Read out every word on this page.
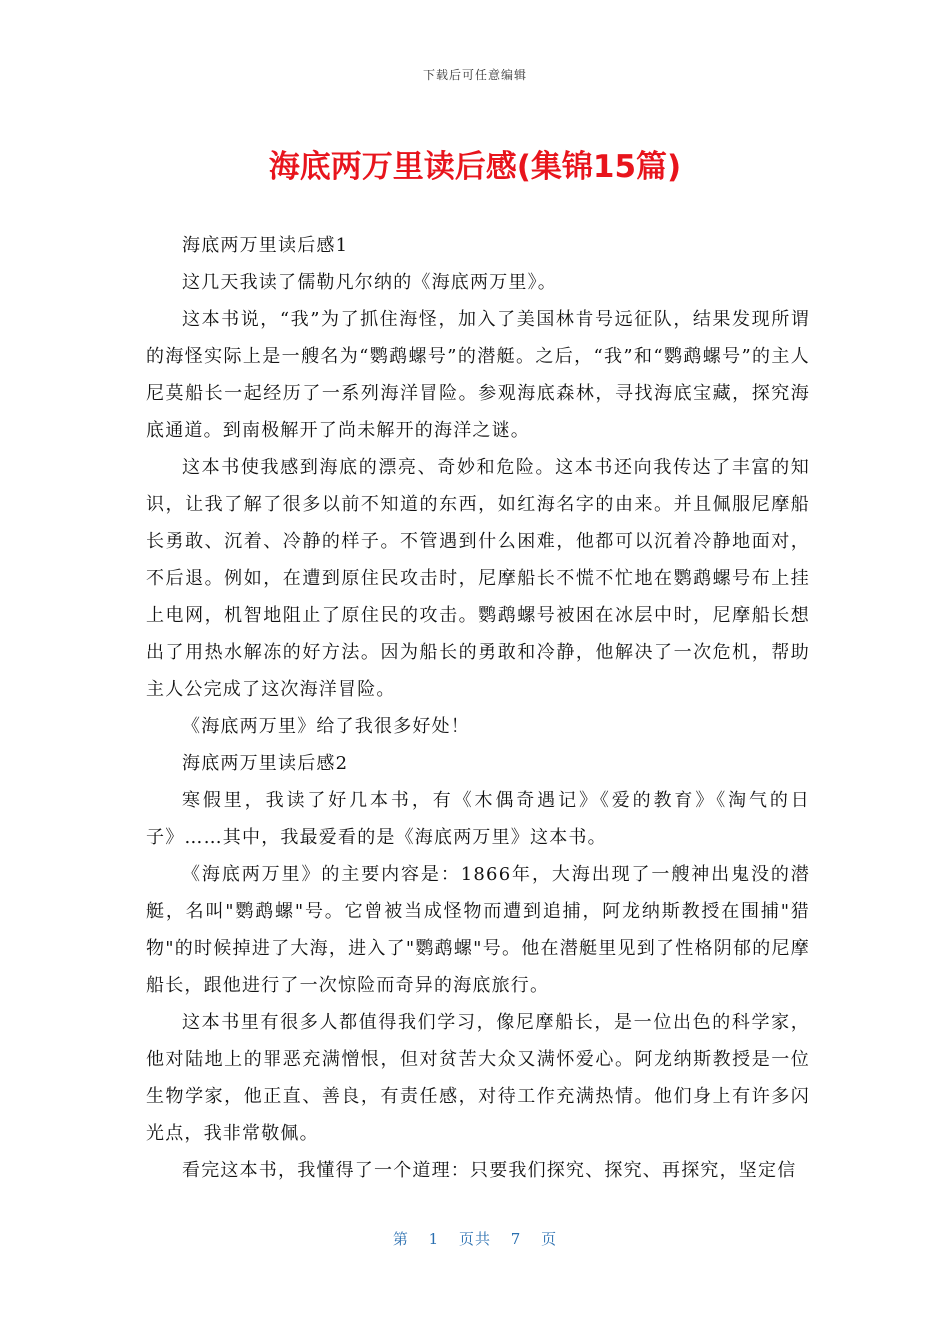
下载后可任意编辑
海底两万里读后感(集锦15篇)

海底两万里读后感1

这几天我读了儒勒凡尔纳的《海底两万里》。

这本书说，“我”为了抓住海怪，加入了美国林肯号远征队，结果发现所谓的海怪实际上是一艘名为“鹦鹉螺号”的潜艇。之后，“我”和“鹦鹉螺号”的主人尼莫船长一起经历了一系列海洋冒险。参观海底森林，寻找海底宝藏，探究海底通道。到南极解开了尚未解开的海洋之谜。

这本书使我感到海底的漂亮、奇妙和危险。这本书还向我传达了丰富的知识，让我了解了很多以前不知道的东西，如红海名字的由来。并且佩服尼摩船长勇敢、沉着、冷静的样子。不管遇到什么困难，他都可以沉着冷静地面对，不后退。例如，在遭到原住民攻击时，尼摩船长不慌不忙地在鹦鹉螺号布上挂上电网，机智地阻止了原住民的攻击。鹦鹉螺号被困在冰层中时，尼摩船长想出了用热水解冻的好方法。因为船长的勇敢和冷静，他解决了一次危机，帮助主人公完成了这次海洋冒险。

《海底两万里》给了我很多好处！

海底两万里读后感2

寒假里，我读了好几本书，有《木偶奇遇记》《爱的教育》《淘气的日子》……其中，我最爱看的是《海底两万里》这本书。

《海底两万里》的主要内容是：1866年，大海出现了一艘神出鬼没的潜艇，名叫"鹦鹉螺"号。它曾被当成怪物而遭到追捕，阿龙纳斯教授在围捕"猎物"的时候掉进了大海，进入了"鹦鹉螺"号。他在潜艇里见到了性格阴郁的尼摩船长，跟他进行了一次惊险而奇异的海底旅行。

这本书里有很多人都值得我们学习，像尼摩船长，是一位出色的科学家，他对陆地上的罪恶充满憎恨，但对贫苦大众又满怀爱心。阿龙纳斯教授是一位生物学家，他正直、善良，有责任感，对待工作充满热情。他们身上有许多闪光点，我非常敬佩。

看完这本书，我懂得了一个道理：只要我们探究、探究、再探究，坚定信

第 1 页共 7 页
